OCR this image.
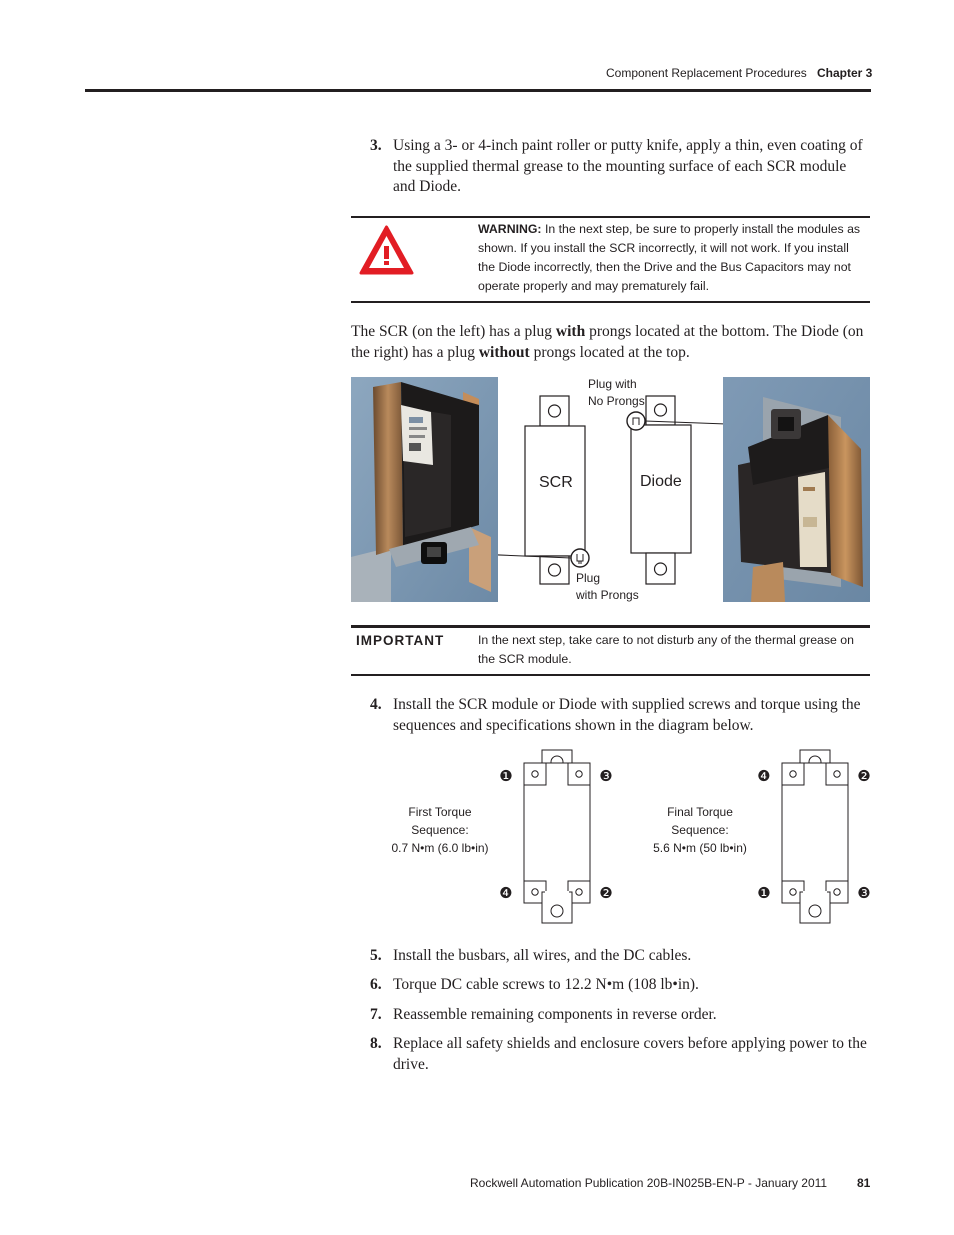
Component Replacement Procedures Chapter 3
3. Using a 3- or 4-inch paint roller or putty knife, apply a thin, even coating of the supplied thermal grease to the mounting surface of each SCR module and Diode.
WARNING: In the next step, be sure to properly install the modules as shown. If you install the SCR incorrectly, it will not work. If you install the Diode incorrectly, then the Drive and the Bus Capacitors may not operate properly and may prematurely fail.
The SCR (on the left) has a plug with prongs located at the bottom. The Diode (on the right) has a plug without prongs located at the top.
SCR	Diode
Plug with
No Prongs
Plug
with Prongs
IMPORTANT	In the next step, take care to not disturb any of the thermal grease on the SCR module.
4. Install the SCR module or Diode with supplied screws and torque using the sequences and specifications shown in the diagram below.
❶	❸
❹	❷
❹	❷
❶	❸
First Torque
Sequence:
0.7 N•m (6.0 lb•in)
Final Torque
Sequence:
5.6 N•m (50 lb•in)
5. Install the busbars, all wires, and the DC cables.
6. Torque DC cable screws to 12.2 N•m (108 lb•in).
7. Reassemble remaining components in reverse order.
8. Replace all safety shields and enclosure covers before applying power to the drive.
Rockwell Automation Publication 20B-IN025B-EN-P - January 2011 81
